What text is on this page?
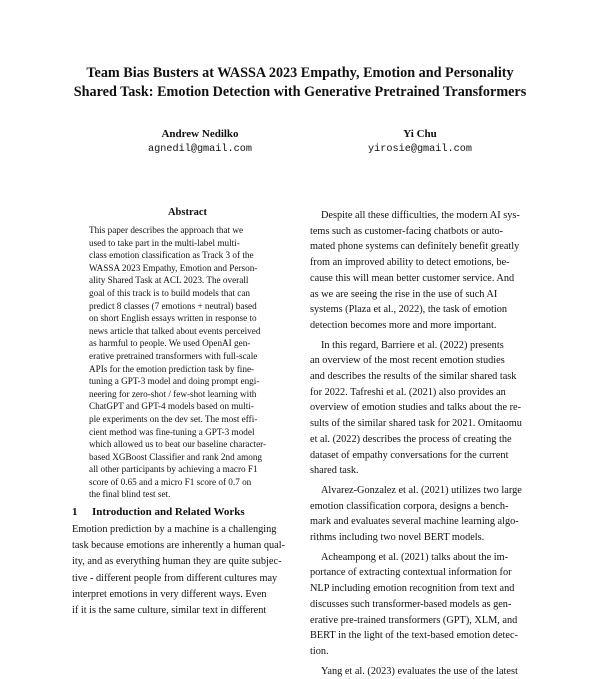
Team Bias Busters at WASSA 2023 Empathy, Emotion and Personality
Shared Task: Emotion Detection with Generative Pretrained Transformers
Andrew Nedilko
agnedil@gmail.com
Yi Chu
yirosie@gmail.com
Abstract
This paper describes the approach that we
used to take part in the multi-label multi-
class emotion classification as Track 3 of the
WASSA 2023 Empathy, Emotion and Person-
ality Shared Task at ACL 2023. The overall
goal of this track is to build models that can
predict 8 classes (7 emotions + neutral) based
on short English essays written in response to
news article that talked about events perceived
as harmful to people. We used OpenAI gen-
erative pretrained transformers with full-scale
APIs for the emotion prediction task by fine-
tuning a GPT-3 model and doing prompt engi-
neering for zero-shot / few-shot learning with
ChatGPT and GPT-4 models based on multi-
ple experiments on the dev set. The most effi-
cient method was fine-tuning a GPT-3 model
which allowed us to beat our baseline character-
based XGBoost Classifier and rank 2nd among
all other participants by achieving a macro F1
score of 0.65 and a micro F1 score of 0.7 on
the final blind test set.
1 Introduction and Related Works
Emotion prediction by a machine is a challenging
task because emotions are inherently a human qual-
ity, and as everything human they are quite subjec-
tive - different people from different cultures may
interpret emotions in very different ways. Even
if it is the same culture, similar text in different
Despite all these difficulties, the modern AI sys-
tems such as customer-facing chatbots or auto-
mated phone systems can definitely benefit greatly
from an improved ability to detect emotions, be-
cause this will mean better customer service. And
as we are seeing the rise in the use of such AI
systems (Plaza et al., 2022), the task of emotion
detection becomes more and more important.
In this regard, Barriere et al. (2022) presents
an overview of the most recent emotion studies
and describes the results of the similar shared task
for 2022. Tafreshi et al. (2021) also provides an
overview of emotion studies and talks about the re-
sults of the similar shared task for 2021. Omitaomu
et al. (2022) describes the process of creating the
dataset of empathy conversations for the current
shared task.
Alvarez-Gonzalez et al. (2021) utilizes two large
emotion classification corpora, designs a bench-
mark and evaluates several machine learning algo-
rithms including two novel BERT models.
Acheampong et al. (2021) talks about the im-
portance of extracting contextual information for
NLP including emotion recognition from text and
discusses such transformer-based models as gen-
erative pre-trained transformers (GPT), XLM, and
BERT in the light of the text-based emotion detec-
tion.
Yang et al. (2023) evaluates the use of the latest
